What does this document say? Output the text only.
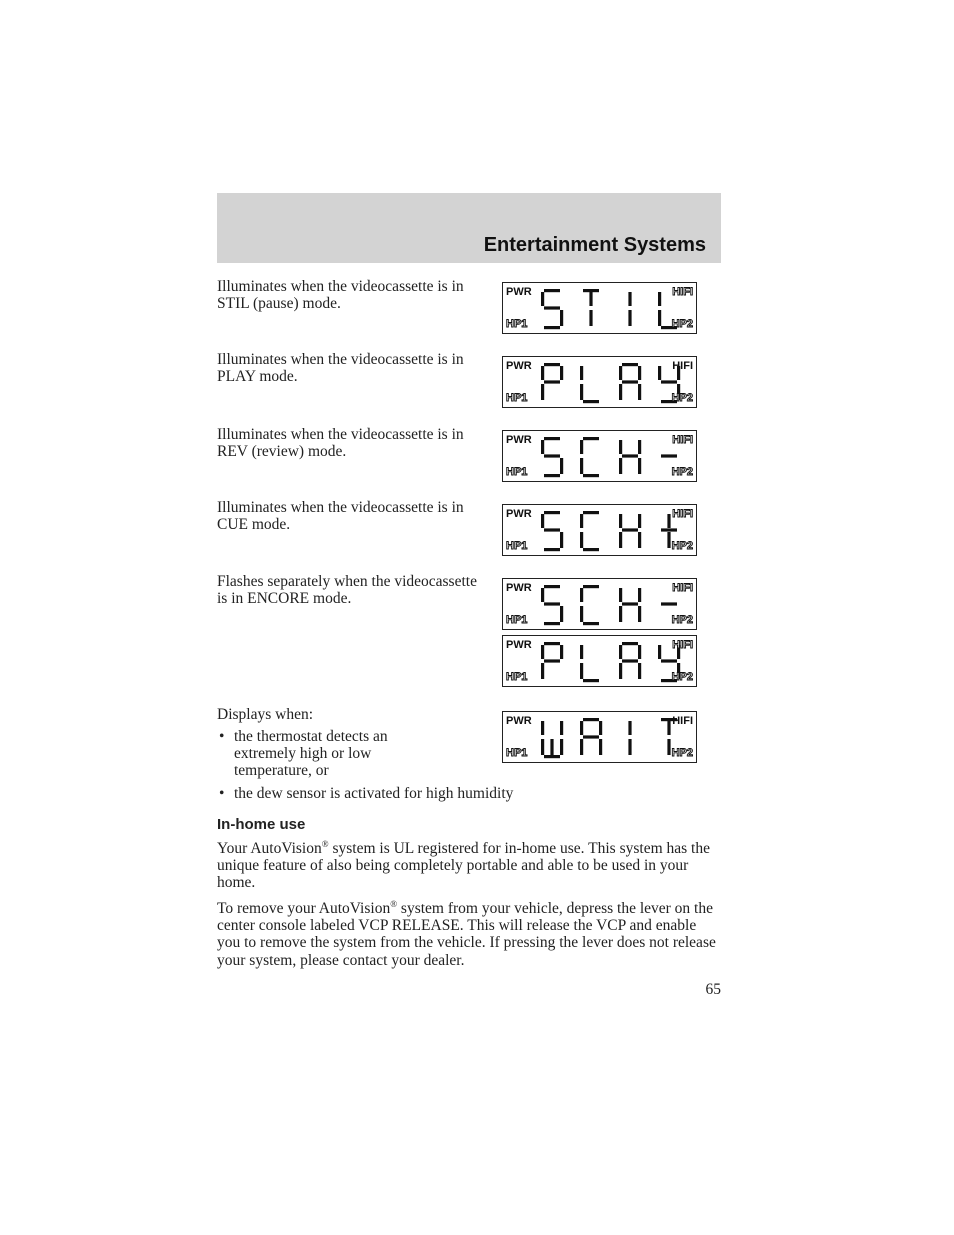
Entertainment Systems
Illuminates when the videocassette is in STIL (pause) mode.
PWR	HIFI
HP1	HP2
Illuminates when the videocassette is in PLAY mode.
PWR	HIFI
HP1	HP2
Illuminates when the videocassette is in REV (review) mode.
PWR	HIFI
HP1	HP2
Illuminates when the videocassette is in CUE mode.
PWR	HIFI
HP1	HP2
Flashes separately when the videocassette is in ENCORE mode.
PWR	HIFI
HP1	HP2
PWR	HIFI
HP1	HP2
Displays when:
• the thermostat detects an extremely high or low temperature, or
PWR	HIFI
HP1	HP2
• the dew sensor is activated for high humidity
In-home use

Your AutoVision® system is UL registered for in-home use. This system has the unique feature of also being completely portable and able to be used in your home.

To remove your AutoVision® system from your vehicle, depress the lever on the center console labeled VCP RELEASE. This will release the VCP and enable you to remove the system from the vehicle. If pressing the lever does not release your system, please contact your dealer.

65
